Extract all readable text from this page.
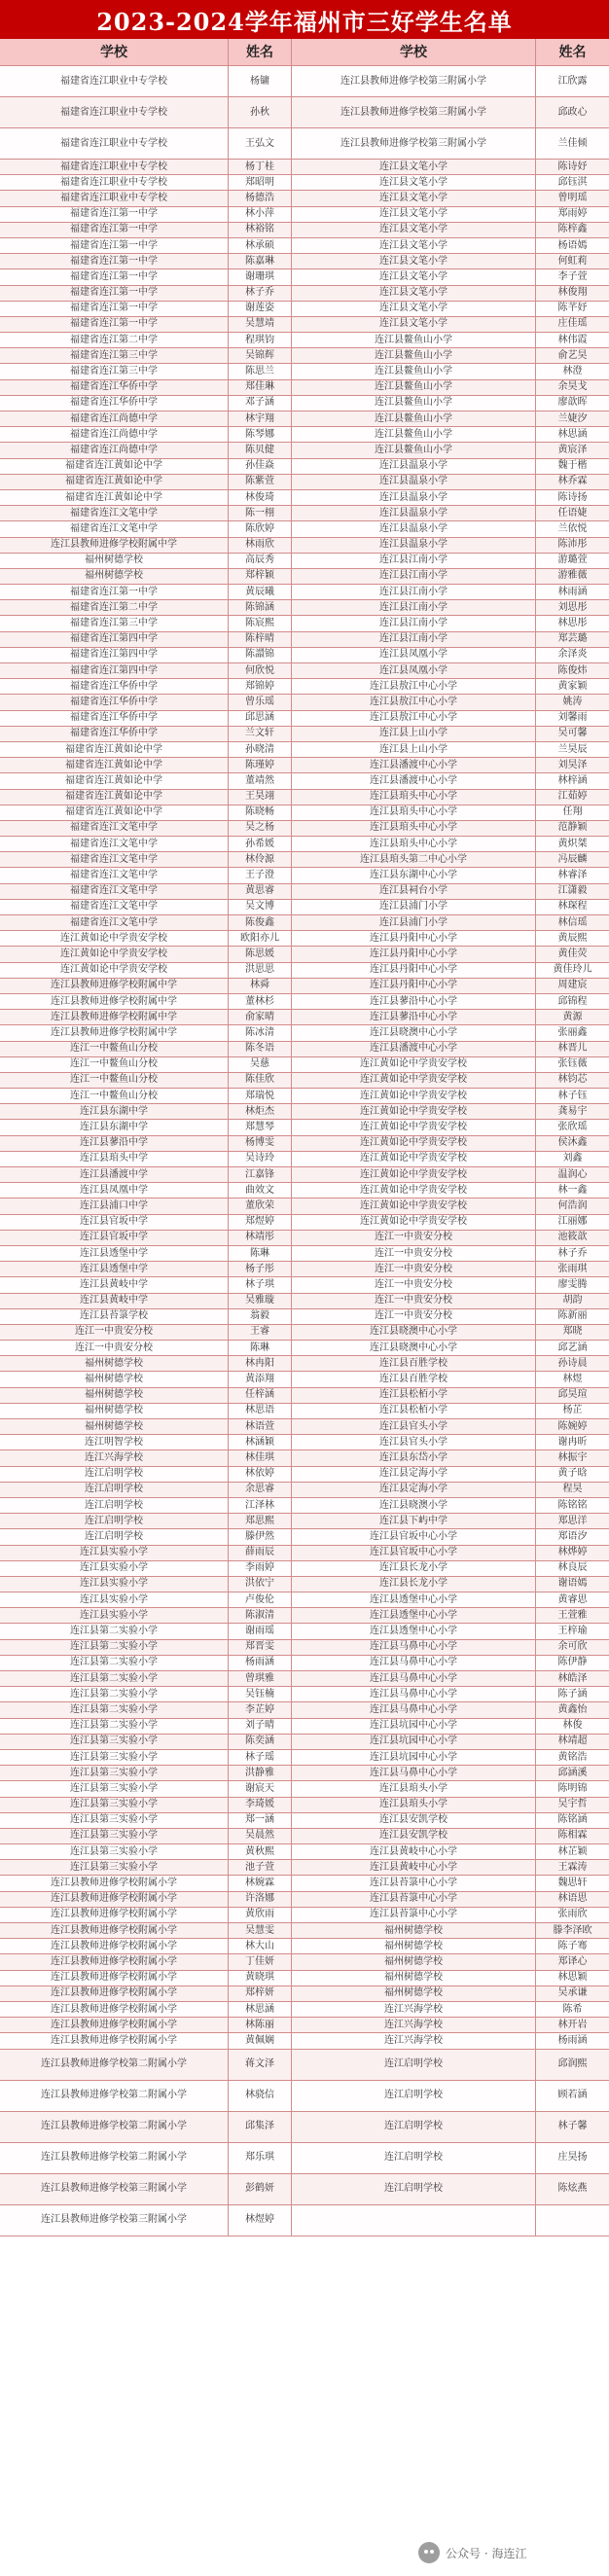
2023-2024学年福州市三好学生名单
学校	姓名	学校	姓名
福建省连江职业中专学校	杨镛	连江县教师进修学校第三附属小学	江欣露
福建省连江职业中专学校	孙秋	连江县教师进修学校第三附属小学	邱政心
福建省连江职业中专学校	王弘文	连江县教师进修学校第三附属小学	兰佳倾
福建省连江职业中专学校	杨丁桂	连江县文笔小学	陈诗妤
福建省连江职业中专学校	郑昭明	连江县文笔小学	邱钰淇
福建省连江职业中专学校	杨德浩	连江县文笔小学	曾明瑶
福建省连江第一中学	林小萍	连江县文笔小学	郑雨婷
福建省连江第一中学	林裕铭	连江县文笔小学	陈梓鑫
福建省连江第一中学	林承硕	连江县文笔小学	杨语嫣
福建省连江第一中学	陈嘉琳	连江县文笔小学	何虹莉
福建省连江第一中学	谢珊琪	连江县文笔小学	李子萱
福建省连江第一中学	林子乔	连江县文笔小学	林俊翔
福建省连江第一中学	谢莲姿	连江县文笔小学	陈芊妤
福建省连江第一中学	吴慧靖	连江县文笔小学	庄佳瑶
福建省连江第二中学	程琪钧	连江县鳌鱼山小学	林伟霞
福建省连江第三中学	吴锦辉	连江县鳌鱼山小学	俞艺昊
福建省连江第三中学	陈思兰	连江县鳌鱼山小学	林澄
福建省连江华侨中学	郑佳琳	连江县鳌鱼山小学	余昊戈
福建省连江华侨中学	邓子涵	连江县鳌鱼山小学	廖歆晖
福建省连江尚德中学	林宇翔	连江县鳌鱼山小学	兰婕汐
福建省连江尚德中学	陈琴娜	连江县鳌鱼山小学	林思涵
福建省连江尚德中学	陈贝健	连江县鳌鱼山小学	黄宸泽
福建省连江黄如论中学	孙佳焱	连江县温泉小学	魏于楷
福建省连江黄如论中学	陈紫萱	连江县温泉小学	林乔霖
福建省连江黄如论中学	林俊琦	连江县温泉小学	陈诗扬
福建省连江文笔中学	陈一栩	连江县温泉小学	任语婕
福建省连江文笔中学	陈欣婷	连江县温泉小学	兰依悦
连江县教师进修学校附属中学	林雨欣	连江县温泉小学	陈沛彤
福州树德学校	高辰秀	连江县江南小学	游璐萱
福州树德学校	郑梓颖	连江县江南小学	游雅薇
福建省连江第一中学	黄辰曦	连江县江南小学	林雨涵
福建省连江第二中学	陈锦涵	连江县江南小学	刘思彤
福建省连江第三中学	陈宸熙	连江县江南小学	林思彤
福建省连江第四中学	陈梓晴	连江县江南小学	郑芸璐
福建省连江第四中学	陈譞锦	连江县凤凰小学	余泽炎
福建省连江第四中学	何欣悦	连江县凤凰小学	陈俊炜
福建省连江华侨中学	郑锦婷	连江县敖江中心小学	黄家颖
福建省连江华侨中学	曾乐瑶	连江县敖江中心小学	姚涛
福建省连江华侨中学	邱思涵	连江县敖江中心小学	刘馨雨
福建省连江华侨中学	兰文轩	连江县上山小学	吴可馨
福建省连江黄如论中学	孙晓清	连江县上山小学	兰昊辰
福建省连江黄如论中学	陈瑾婷	连江县潘渡中心小学	刘昊泽
福建省连江黄如论中学	董靖然	连江县潘渡中心小学	林梓涵
福建省连江黄如论中学	王昊翊	连江县琯头中心小学	江茹婷
福建省连江黄如论中学	陈晓畅	连江县琯头中心小学	任翔
福建省连江文笔中学	吴之杨	连江县琯头中心小学	范静颖
福建省连江文笔中学	孙希媛	连江县琯头中心小学	黄炽桀
福建省连江文笔中学	林伶源	连江县琯头第二中心小学	冯辰麟
福建省连江文笔中学	王子澄	连江县东湖中心小学	林睿泽
福建省连江文笔中学	黄思睿	连江县祠台小学	江潇毅
福建省连江文笔中学	吴文博	连江县浦门小学	林琛程
福建省连江文笔中学	陈俊鑫	连江县浦门小学	林信瑶
连江黄如论中学贵安学校	欧阳亦儿	连江县丹阳中心小学	黄辰熙
连江黄如论中学贵安学校	陈思媛	连江县丹阳中心小学	黄佳荧
连江黄如论中学贵安学校	洪思思	连江县丹阳中心小学	黄佳玲儿
连江县教师进修学校附属中学	林舜	连江县丹阳中心小学	周建宸
连江县教师进修学校附属中学	董林杉	连江县蓼沿中心小学	邱锦程
连江县教师进修学校附属中学	俞家晴	连江县蓼沿中心小学	黄源
连江县教师进修学校附属中学	陈冰清	连江县晓澳中心小学	张丽鑫
连江一中鳌鱼山分校	陈冬语	连江县潘渡中心小学	林晋儿
连江一中鳌鱼山分校	吴慈	连江黄如论中学贵安学校	张钰薇
连江一中鳌鱼山分校	陈佳欣	连江黄如论中学贵安学校	林钧芯
连江一中鳌鱼山分校	郑瑞悦	连江黄如论中学贵安学校	林子钰
连江县东湖中学	林炬杰	连江黄如论中学贵安学校	龚易宇
连江县东湖中学	郑慧琴	连江黄如论中学贵安学校	张欣瑶
连江县蓼沿中学	杨博雯	连江黄如论中学贵安学校	侯沐鑫
连江县琯头中学	吴诗玲	连江黄如论中学贵安学校	刘鑫
连江县潘渡中学	江嘉锋	连江黄如论中学贵安学校	温润心
连江县凤凰中学	曲效文	连江黄如论中学贵安学校	林一鑫
连江县浦口中学	董欣荣	连江黄如论中学贵安学校	何浩润
连江县官坂中学	郑煜婷	连江黄如论中学贵安学校	江丽娜
连江县官坂中学	林靖彤	连江一中贵安分校	池筱歆
连江县透堡中学	陈琳	连江一中贵安分校	林子乔
连江县透堡中学	杨子彤	连江一中贵安分校	张雨琪
连江县黄岐中学	林子琪	连江一中贵安分校	廖雯腾
连江县黄岐中学	吴雅璇	连江一中贵安分校	胡韵
连江县苔箓学校	翁毅	连江一中贵安分校	陈新丽
连江一中贵安分校	王睿	连江县晓澳中心小学	郑晓
连江一中贵安分校	陈琳	连江县晓澳中心小学	邱艺涵
福州树德学校	林冉阳	连江县百胜学校	孙诗晨
福州树德学校	黄添翔	连江县百胜学校	林煜
福州树德学校	任梓涵	连江县松栢小学	邱昊瑄
福州树德学校	林思语	连江县松栢小学	杨芷
福州树德学校	林语萱	连江县官头小学	陈婉婷
连江明智学校	林涵颖	连江县官头小学	谢冉昕
连江兴海学校	林佳琪	连江县东岱小学	林振宇
连江启明学校	林依婷	连江县定海小学	黄子晗
连江启明学校	余思睿	连江县定海小学	程昊
连江启明学校	江泽林	连江县晓澳小学	陈铭铭
连江启明学校	郑思熙	连江县下屿中学	郑思洋
连江启明学校	滕伊然	连江县官坂中心小学	郑语汐
连江县实验小学	薛雨辰	连江县官坂中心小学	林烨婷
连江县实验小学	李雨婷	连江县长龙小学	林良辰
连江县实验小学	洪依宁	连江县长龙小学	谢语嫣
连江县实验小学	卢俊伦	连江县透堡中心小学	黄睿思
连江县实验小学	陈淑清	连江县透堡中心小学	王萱雅
连江县第二实验小学	谢雨瑶	连江县透堡中心小学	王梓瑜
连江县第二实验小学	郑晋雯	连江县马鼻中心小学	余可欣
连江县第二实验小学	杨雨涵	连江县马鼻中心小学	陈伊静
连江县第二实验小学	曾琪雅	连江县马鼻中心小学	林皓泽
连江县第二实验小学	吴钰楠	连江县马鼻中心小学	陈子涵
连江县第二实验小学	李芷婷	连江县马鼻中心小学	黄鑫怡
连江县第二实验小学	刘子晴	连江县坑园中心小学	林俊
连江县第三实验小学	陈奕涵	连江县坑园中心小学	林靖超
连江县第三实验小学	林子瑶	连江县坑园中心小学	黄铭浩
连江县第三实验小学	洪静雅	连江县马鼻中心小学	邱涵溪
连江县第三实验小学	谢宸天	连江县琯头小学	陈明锦
连江县第三实验小学	李琦媛	连江县琯头小学	吴宇哲
连江县第三实验小学	郑一涵	连江县安凯学校	陈铭涵
连江县第三实验小学	吴晨然	连江县安凯学校	陈相霖
连江县第三实验小学	黄秋熙	连江县黄岐中心小学	林芷颖
连江县第三实验小学	池子萱	连江县黄岐中心小学	王霖涛
连江县教师进修学校附属小学	林婉霖	连江县苔箓中心小学	魏思轩
连江县教师进修学校附属小学	许洛娜	连江县苔箓中心小学	林语思
连江县教师进修学校附属小学	黄欣雨	连江县苔箓中心小学	张雨欣
连江县教师进修学校附属小学	吴慧雯	福州树德学校	滕李泽欧
连江县教师进修学校附属小学	林大山	福州树德学校	陈子骞
连江县教师进修学校附属小学	丁佳妍	福州树德学校	郑译心
连江县教师进修学校附属小学	黄晓琪	福州树德学校	林思颖
连江县教师进修学校附属小学	郑梓妍	福州树德学校	吴承谦
连江县教师进修学校附属小学	林思涵	连江兴海学校	陈希
连江县教师进修学校附属小学	林陈丽	连江兴海学校	林开岩
连江县教师进修学校附属小学	黄佩娴	连江兴海学校	杨雨涵
连江县教师进修学校第二附属小学	蒋文泽	连江启明学校	邱润熙
连江县教师进修学校第二附属小学	林骁信	连江启明学校	顾若涵
连江县教师进修学校第二附属小学	邱集泽	连江启明学校	林子馨
连江县教师进修学校第二附属小学	郑乐琪	连江启明学校	庄昊扬
连江县教师进修学校第三附属小学	彭鹤妍	连江启明学校	陈炫燕
连江县教师进修学校第三附属小学	林煜婷
公众号 · 海连江
